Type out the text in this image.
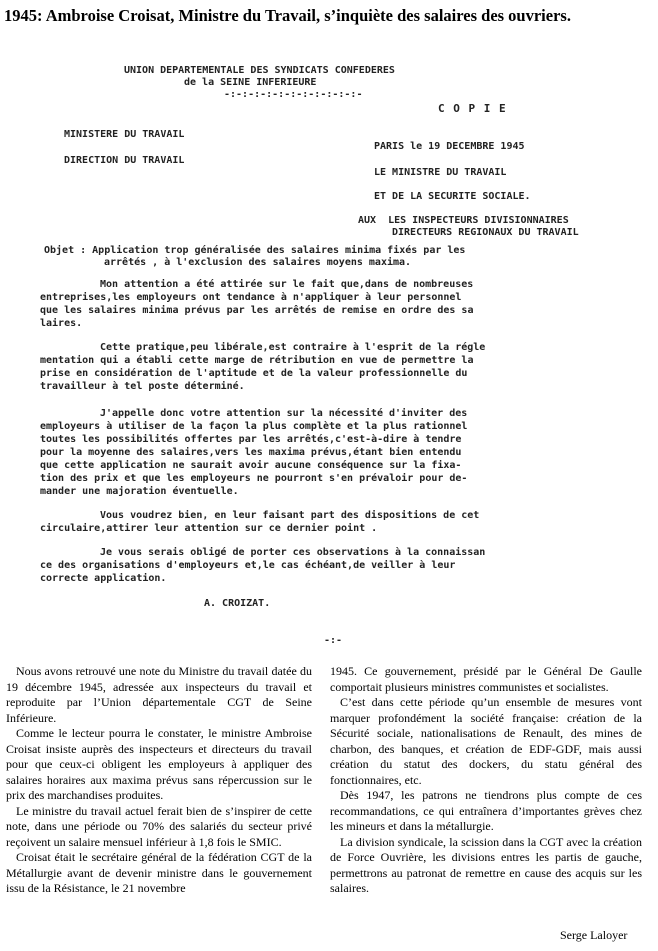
1945: Ambroise Croisat, Ministre du Travail, s’inquiète des salaires des ouvriers.
UNION DEPARTEMENTALE DES SYNDICATS CONFEDERES
de la SEINE INFERIEURE
-:-:-:-:-:-:-:-:-:-:-:-
C O P I E
MINISTERE DU TRAVAIL
DIRECTION DU TRAVAIL
PARIS le 19 DECEMBRE 1945
LE MINISTRE DU TRAVAIL
ET DE LA SECURITE SOCIALE.
AUX  LES INSPECTEURS DIVISIONNAIRES
DIRECTEURS REGIONAUX DU TRAVAIL
Objet : Application trop généralisée des salaires minima fixés par les
arrêtés , à l'exclusion des salaires moyens maxima.
Mon attention a été attirée sur le fait que,dans de nombreuses
entreprises,les employeurs ont tendance à n'appliquer à leur personnel
que les salaires minima prévus par les arrêtés de remise en ordre des sa
laires.
Cette pratique,peu libérale,est contraire à l'esprit de la régle
mentation qui a établi cette marge de rétribution en vue de permettre la
prise en considération de l'aptitude et de la valeur professionnelle du
travailleur à tel poste déterminé.
J'appelle donc votre attention sur la nécessité d'inviter des
employeurs à utiliser de la façon la plus complète et la plus rationnel
toutes les possibilités offertes par les arrêtés,c'est-à-dire à tendre
pour la moyenne des salaires,vers les maxima prévus,étant bien entendu
que cette application ne saurait avoir aucune conséquence sur la fixa-
tion des prix et que les employeurs ne pourront s'en prévaloir pour de-
mander une majoration éventuelle.
Vous voudrez bien, en leur faisant part des dispositions de cet
circulaire,attirer leur attention sur ce dernier point .
Je vous serais obligé de porter ces observations à la connaissan
ce des organisations d'employeurs et,le cas échéant,de veiller à leur
correcte application.
A. CROIZAT.
-:-

Nous avons retrouvé une note du Ministre du travail datée du 19 décembre 1945, adressée aux inspecteurs du travail et reproduite par l’Union départementale CGT de Seine Inférieure.

Comme le lecteur pourra le constater, le ministre Ambroise Croisat insiste auprès des inspecteurs et directeurs du travail pour que ceux-ci obligent les employeurs à appliquer des salaires horaires aux maxima prévus sans répercussion sur le prix des marchandises produites.

Le ministre du travail actuel ferait bien de s’inspirer de cette note, dans une période ou 70% des salariés du secteur privé reçoivent un salaire mensuel inférieur à 1,8 fois le SMIC.

Croisat était le secrétaire général de la fédération CGT de la Métallurgie avant de devenir ministre dans le gouvernement issu de la Résistance, le 21 novembre

1945. Ce gouvernement, présidé par le Général De Gaulle comportait plusieurs ministres communistes et socialistes.

C’est dans cette période qu’un ensemble de mesures vont marquer profondément la société française: création de la Sécurité sociale, nationalisations de Renault, des mines de charbon, des banques, et création de EDF-GDF, mais aussi création du statut des dockers, du statu général des fonctionnaires, etc.

Dès 1947, les patrons ne tiendrons plus compte de ces recommandations, ce qui entraînera d’importantes grèves chez les mineurs et dans la métallurgie.

La division syndicale, la scission dans la CGT avec la création de Force Ouvrière, les divisions entres les partis de gauche, permettrons au patronat de remettre en cause des acquis sur les salaires.

Serge Laloyer
